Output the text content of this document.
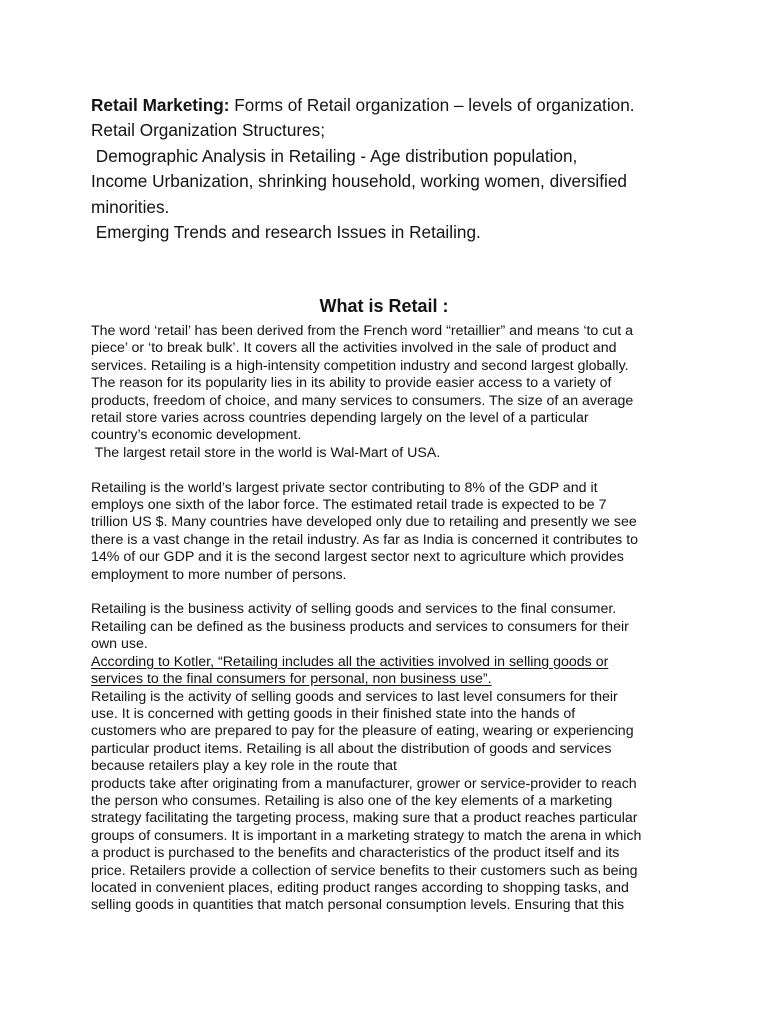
Retail Marketing: Forms of Retail organization – levels of organization.
Retail Organization Structures;
Demographic Analysis in Retailing - Age distribution population,
Income Urbanization, shrinking household, working women, diversified
minorities.
Emerging Trends and research Issues in Retailing.
What is Retail :
The word ‘retail’ has been derived from the French word “retaillier” and means ‘to cut a
piece’ or ‘to break bulk’. It covers all the activities involved in the sale of product and
services. Retailing is a high-intensity competition industry and second largest globally.
The reason for its popularity lies in its ability to provide easier access to a variety of
products, freedom of choice, and many services to consumers. The size of an average
retail store varies across countries depending largely on the level of a particular
country’s economic development.
The largest retail store in the world is Wal-Mart of USA.
Retailing is the world’s largest private sector contributing to 8% of the GDP and it
employs one sixth of the labor force. The estimated retail trade is expected to be 7
trillion US $. Many countries have developed only due to retailing and presently we see
there is a vast change in the retail industry. As far as India is concerned it contributes to
14% of our GDP and it is the second largest sector next to agriculture which provides
employment to more number of persons.
Retailing is the business activity of selling goods and services to the final consumer.
Retailing can be defined as the business products and services to consumers for their
own use.
According to Kotler, “Retailing includes all the activities involved in selling goods or
services to the final consumers for personal, non business use”.
Retailing is the activity of selling goods and services to last level consumers for their
use. It is concerned with getting goods in their finished state into the hands of
customers who are prepared to pay for the pleasure of eating, wearing or experiencing
particular product items. Retailing is all about the distribution of goods and services
because retailers play a key role in the route that
products take after originating from a manufacturer, grower or service-provider to reach
the person who consumes. Retailing is also one of the key elements of a marketing
strategy facilitating the targeting process, making sure that a product reaches particular
groups of consumers. It is important in a marketing strategy to match the arena in which
a product is purchased to the benefits and characteristics of the product itself and its
price. Retailers provide a collection of service benefits to their customers such as being
located in convenient places, editing product ranges according to shopping tasks, and
selling goods in quantities that match personal consumption levels. Ensuring that this
